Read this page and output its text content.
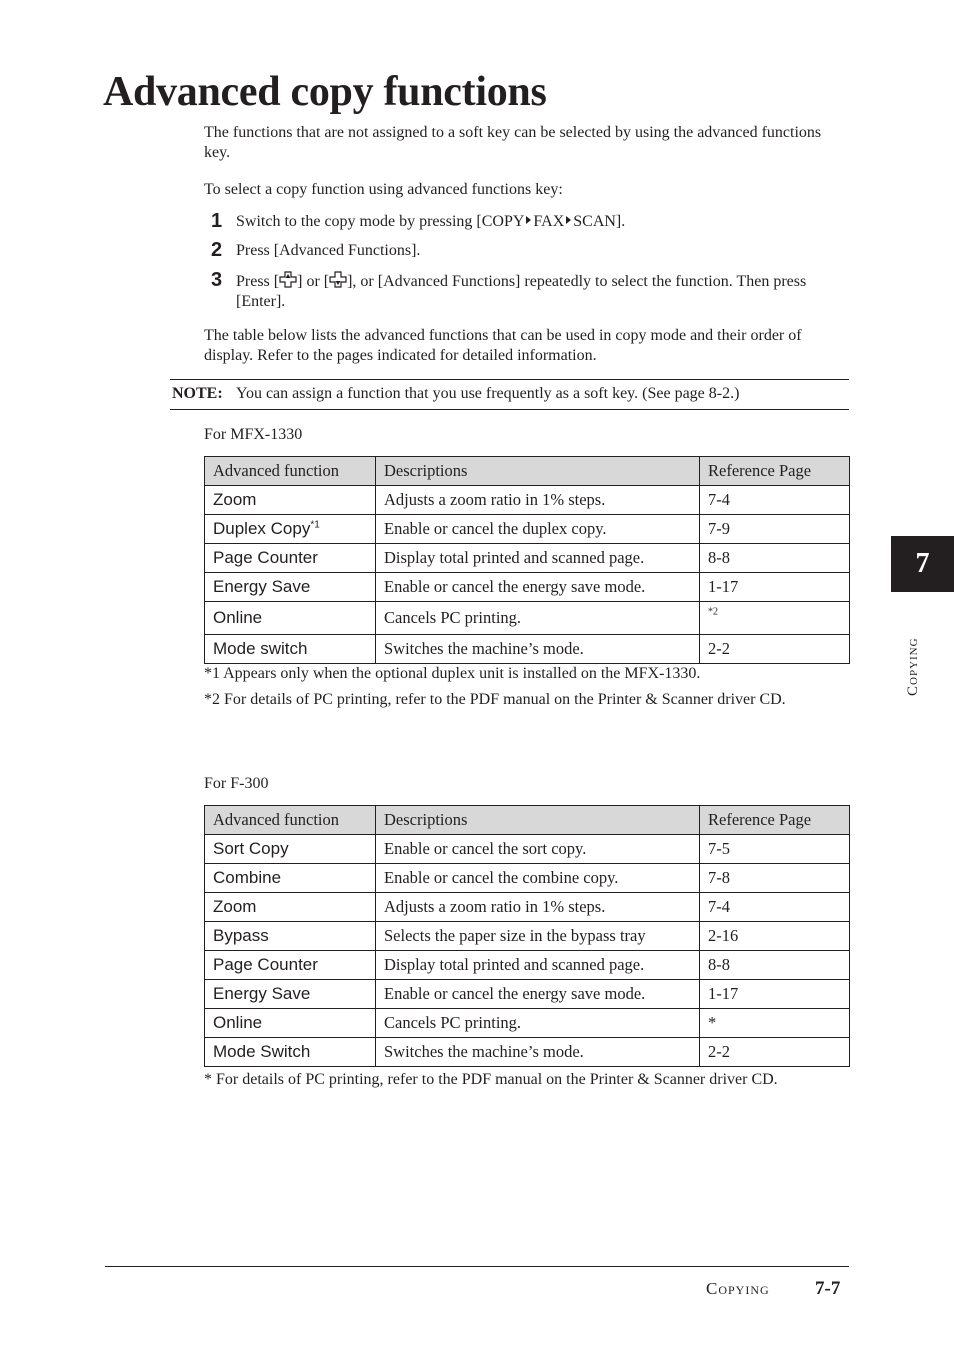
Advanced copy functions

The functions that are not assigned to a soft key can be selected by using the advanced functions key.

To select a copy function using advanced functions key:

1 Switch to the copy mode by pressing [COPY FAX SCAN].
2 Press [Advanced Functions].
3 Press [ ] or [ ], or [Advanced Functions] repeatedly to select the function. Then press [Enter].

The table below lists the advanced functions that can be used in copy mode and their order of display. Refer to the pages indicated for detailed information.

NOTE: You can assign a function that you use frequently as a soft key. (See page 8-2.)
For MFX-1330
Advanced function	Descriptions	Reference Page
Zoom	Adjusts a zoom ratio in 1% steps.	7-4
Duplex Copy$^{*1}$	Enable or cancel the duplex copy.	7-9
Page Counter	Display total printed and scanned page.	8-8
Energy Save	Enable or cancel the energy save mode.	1-17
Online	Cancels PC printing.	$^{*2}$
Mode switch	Switches the machine’s mode.	2-2
*1 Appears only when the optional duplex unit is installed on the MFX-1330.
*2 For details of PC printing, refer to the PDF manual on the Printer & Scanner driver CD.
For F-300
Advanced function	Descriptions	Reference Page
Sort Copy	Enable or cancel the sort copy.	7-5
Combine	Enable or cancel the combine copy.	7-8
Zoom	Adjusts a zoom ratio in 1% steps.	7-4
Bypass	Selects the paper size in the bypass tray	2-16
Page Counter	Display total printed and scanned page.	8-8
Energy Save	Enable or cancel the energy save mode.	1-17
Online	Cancels PC printing.	*
Mode Switch	Switches the machine’s mode.	2-2
* For details of PC printing, refer to the PDF manual on the Printer & Scanner driver CD.
7
Copying
Copying 7-7
